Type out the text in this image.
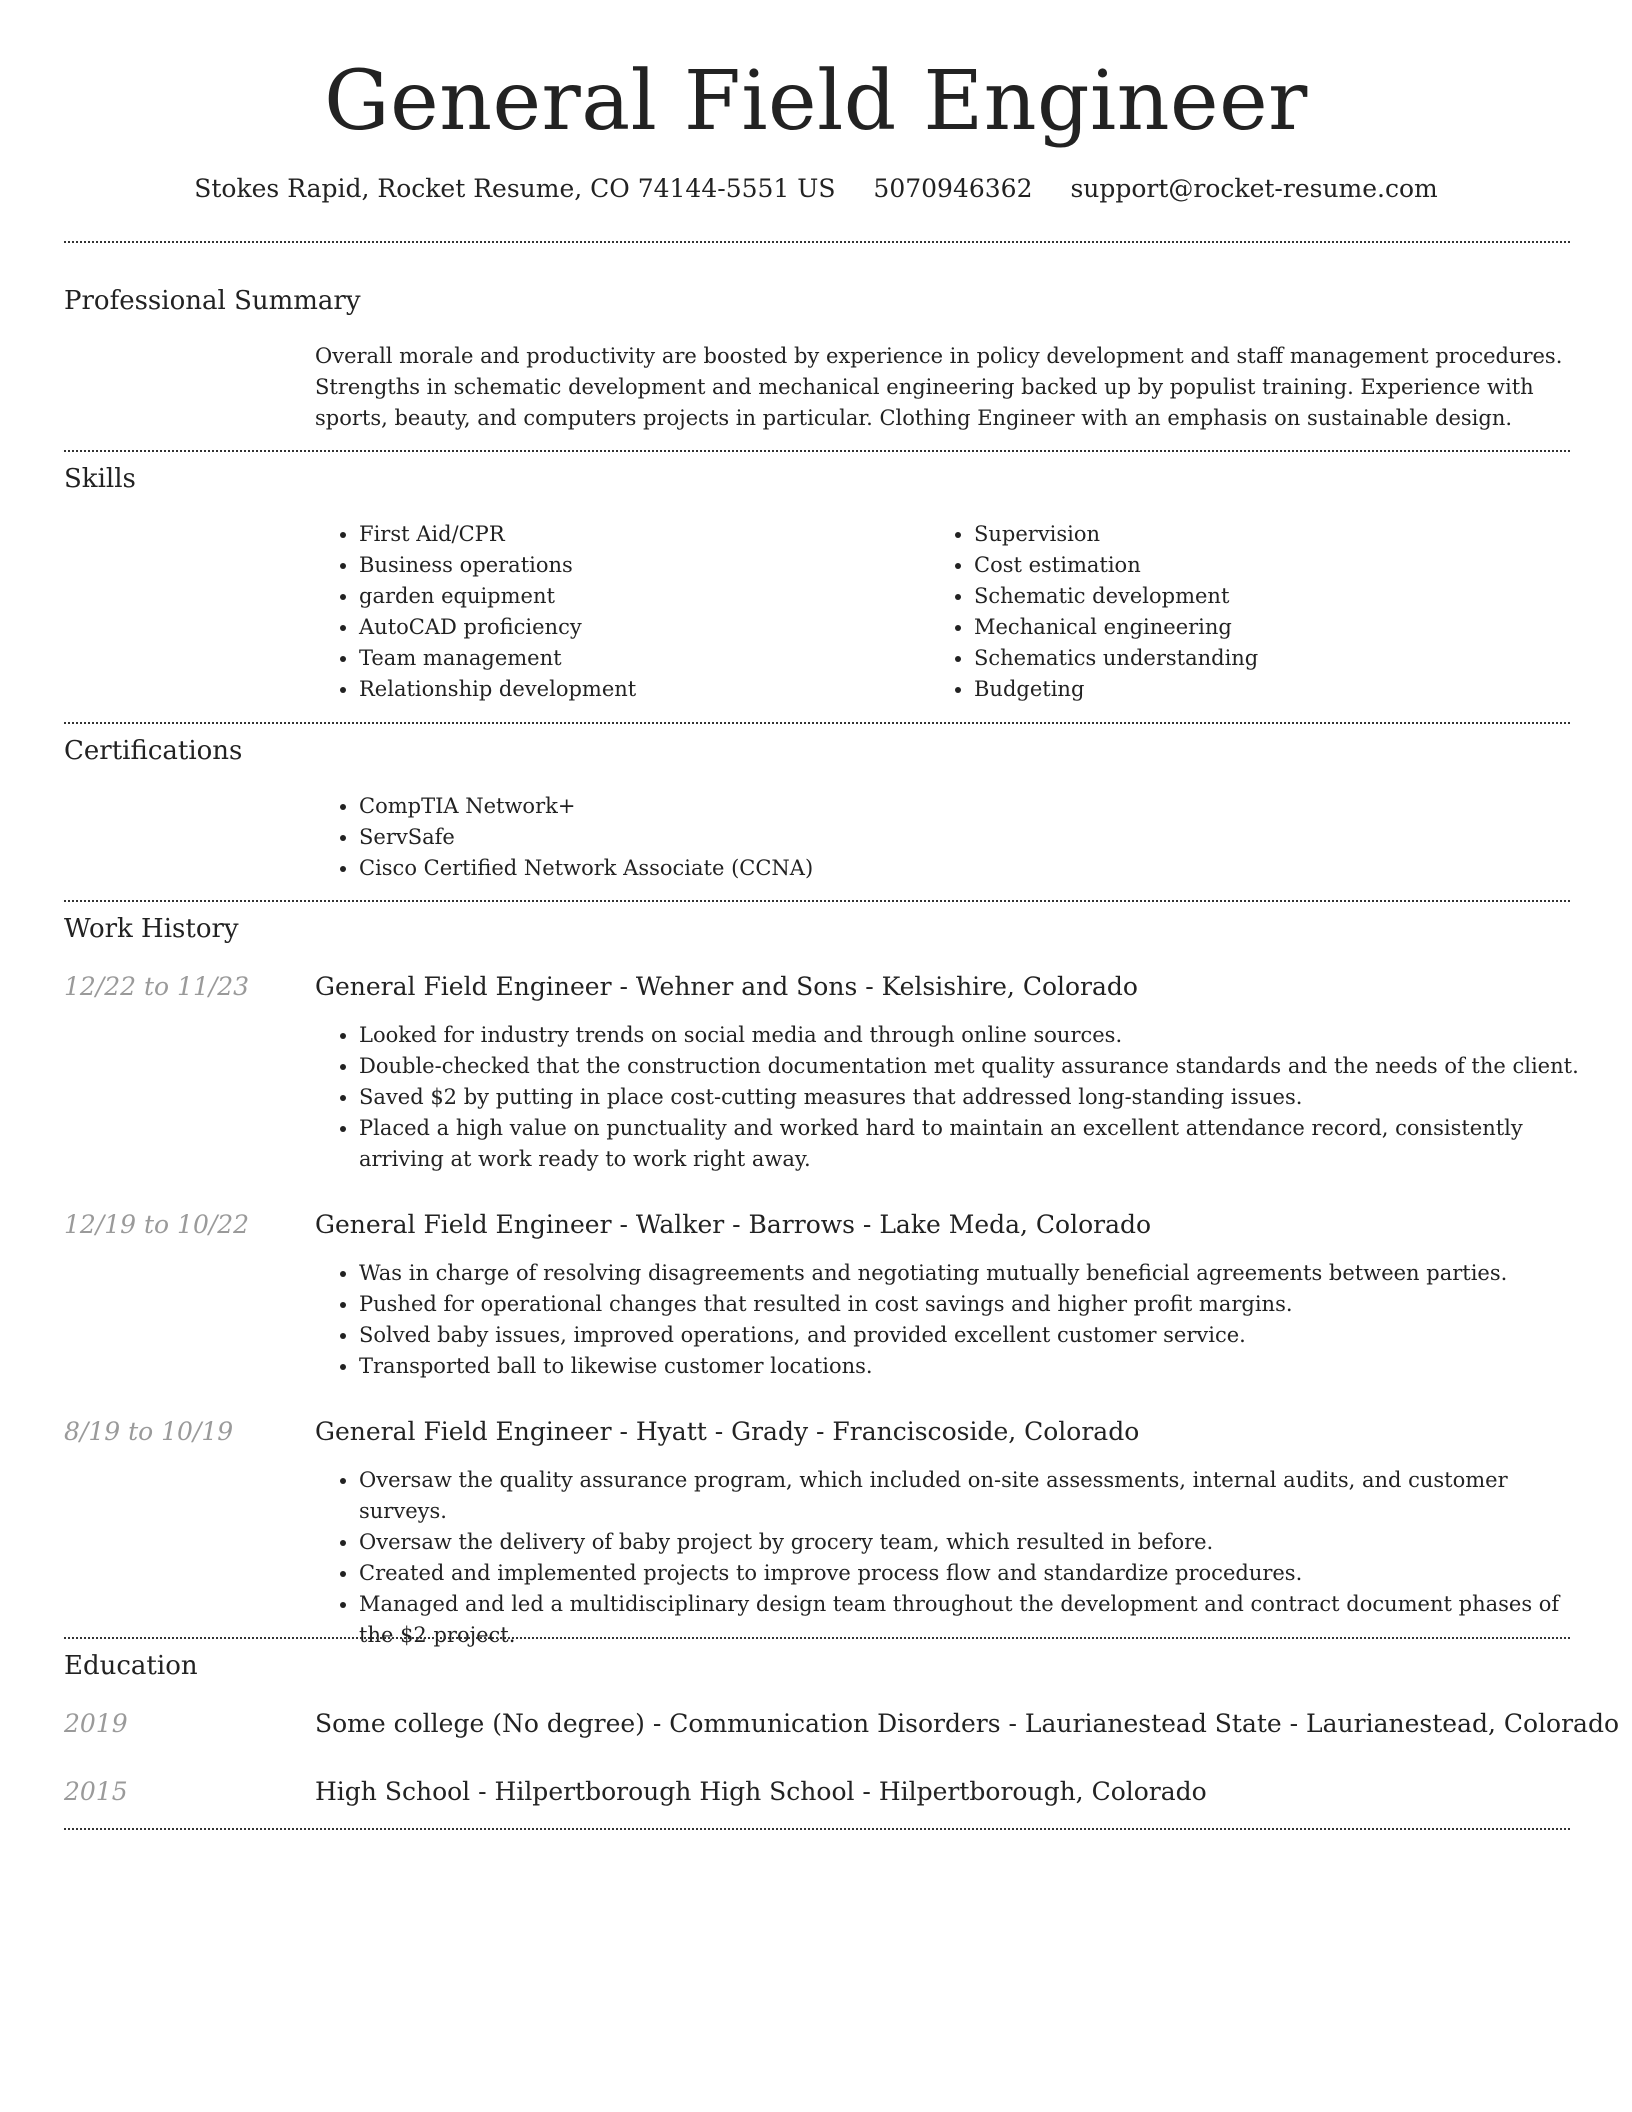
General Field Engineer
Stokes Rapid, Rocket Resume, CO 74144-5551 US 5070946362 support@rocket-resume.com
Professional Summary
Overall morale and productivity are boosted by experience in policy development and staff management procedures. Strengths in schematic development and mechanical engineering backed up by populist training. Experience with sports, beauty, and computers projects in particular. Clothing Engineer with an emphasis on sustainable design.
Skills
• First Aid/CPR
• Business operations
• garden equipment
• AutoCAD proficiency
• Team management
• Relationship development
• Supervision
• Cost estimation
• Schematic development
• Mechanical engineering
• Schematics understanding
• Budgeting
Certifications
• CompTIA Network+
• ServSafe
• Cisco Certified Network Associate (CCNA)
Work History
12/22 to 11/23	General Field Engineer - Wehner and Sons - Kelsishire, Colorado
• Looked for industry trends on social media and through online sources.
• Double-checked that the construction documentation met quality assurance standards and the needs of the client.
• Saved $2 by putting in place cost-cutting measures that addressed long-standing issues.
• Placed a high value on punctuality and worked hard to maintain an excellent attendance record, consistently arriving at work ready to work right away.
12/19 to 10/22	General Field Engineer - Walker - Barrows - Lake Meda, Colorado
• Was in charge of resolving disagreements and negotiating mutually beneficial agreements between parties.
• Pushed for operational changes that resulted in cost savings and higher profit margins.
• Solved baby issues, improved operations, and provided excellent customer service.
• Transported ball to likewise customer locations.
8/19 to 10/19	General Field Engineer - Hyatt - Grady - Franciscoside, Colorado
• Oversaw the quality assurance program, which included on-site assessments, internal audits, and customer surveys.
• Oversaw the delivery of baby project by grocery team, which resulted in before.
• Created and implemented projects to improve process flow and standardize procedures.
• Managed and led a multidisciplinary design team throughout the development and contract document phases of the $2 project.
Education
2019	Some college (No degree) - Communication Disorders - Laurianestead State - Laurianestead, Colorado
2015	High School - Hilpertborough High School - Hilpertborough, Colorado
